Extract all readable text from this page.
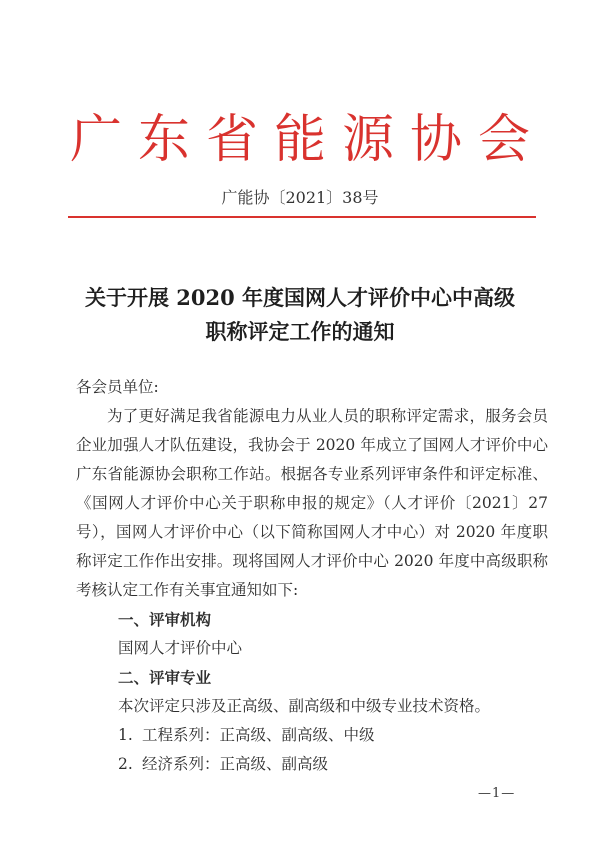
广东省能源协会
广能协〔2021〕38号
关于开展 2020 年度国网人才评价中心中高级
职称评定工作的通知

各会员单位:

为了更好满足我省能源电力从业人员的职称评定需求，服务会员企业加强人才队伍建设，我协会于 2020 年成立了国网人才评价中心广东省能源协会职称工作站。根据各专业系列评审条件和评定标准、《国网人才评价中心关于职称申报的规定》（人才评价〔2021〕27 号），国网人才评价中心（以下简称国网人才中心）对 2020 年度职称评定工作作出安排。现将国网人才评价中心 2020 年度中高级职称考核认定工作有关事宜通知如下:

一、评审机构

国网人才评价中心

二、评审专业

本次评定只涉及正高级、副高级和中级专业技术资格。

1. 工程系列：正高级、副高级、中级

2. 经济系列：正高级、副高级

—1—
